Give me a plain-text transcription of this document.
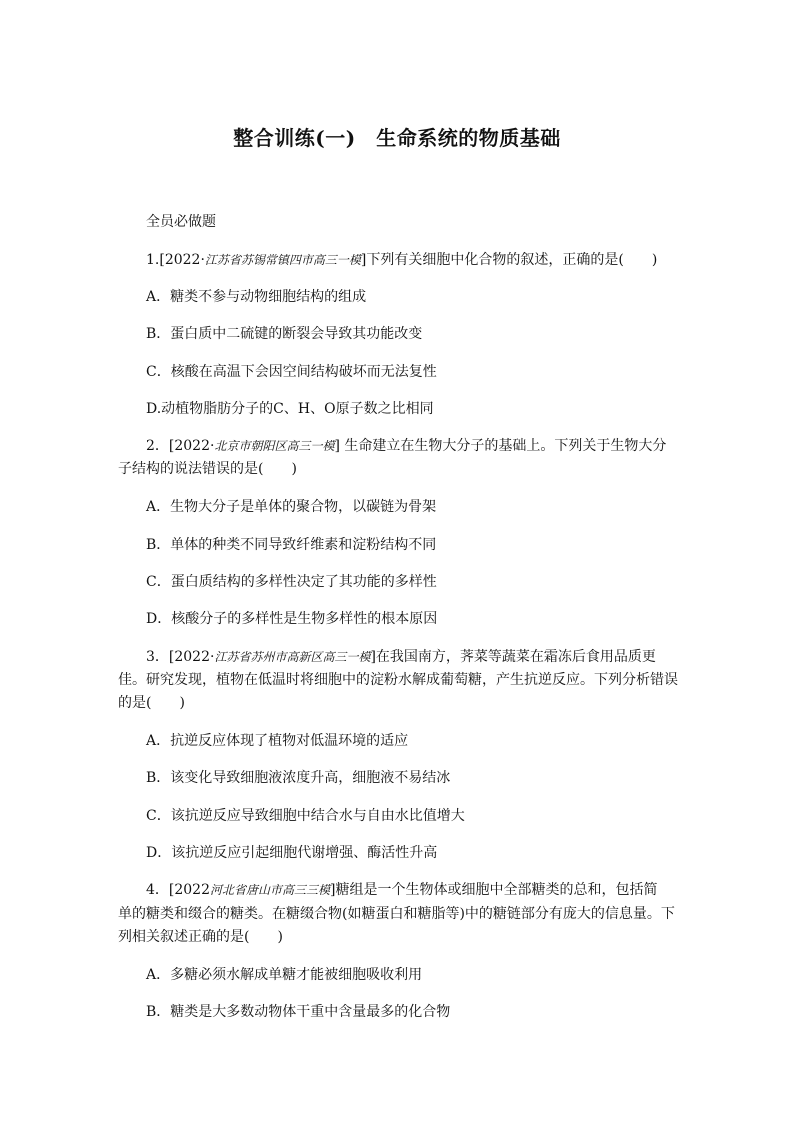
整合训练(一)　生命系统的物质基础
全员必做题
1.[2022·江苏省苏锡常镇四市高三一模]下列有关细胞中化合物的叙述，正确的是(　　)
A．糖类不参与动物细胞结构的组成
B．蛋白质中二硫键的断裂会导致其功能改变
C．核酸在高温下会因空间结构破坏而无法复性
D.动植物脂肪分子的C、H、O原子数之比相同
2．[2022·北京市朝阳区高三一模] 生命建立在生物大分子的基础上。下列关于生物大分
子结构的说法错误的是(　　)
A．生物大分子是单体的聚合物，以碳链为骨架
B．单体的种类不同导致纤维素和淀粉结构不同
C．蛋白质结构的多样性决定了其功能的多样性
D．核酸分子的多样性是生物多样性的根本原因
3．[2022·江苏省苏州市高新区高三一模]在我国南方，荠菜等蔬菜在霜冻后食用品质更
佳。研究发现，植物在低温时将细胞中的淀粉水解成葡萄糖，产生抗逆反应。下列分析错误
的是(　　)
A．抗逆反应体现了植物对低温环境的适应
B．该变化导致细胞液浓度升高，细胞液不易结冰
C．该抗逆反应导致细胞中结合水与自由水比值增大
D．该抗逆反应引起细胞代谢增强、酶活性升高
4．[2022河北省唐山市高三三模]糖组是一个生物体或细胞中全部糖类的总和，包括简
单的糖类和缀合的糖类。在糖缀合物(如糖蛋白和糖脂等)中的糖链部分有庞大的信息量。下
列相关叙述正确的是(　　)
A．多糖必须水解成单糖才能被细胞吸收利用
B．糖类是大多数动物体干重中含量最多的化合物
